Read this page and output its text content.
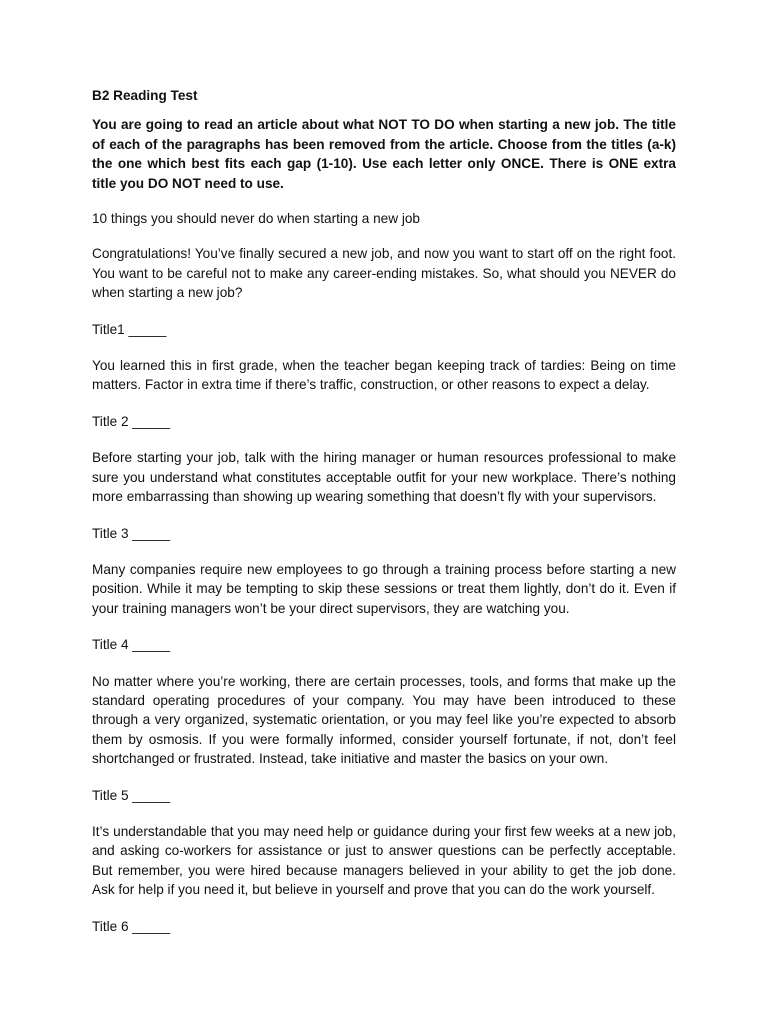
B2 Reading Test

You are going to read an article about what NOT TO DO when starting a new job. The title of each of the paragraphs has been removed from the article. Choose from the titles (a-k) the one which best fits each gap (1-10). Use each letter only ONCE. There is ONE extra title you DO NOT need to use.

10 things you should never do when starting a new job

Congratulations! You’ve finally secured a new job, and now you want to start off on the right foot. You want to be careful not to make any career-ending mistakes. So, what should you NEVER do when starting a new job?

Title1 _____

You learned this in first grade, when the teacher began keeping track of tardies: Being on time matters. Factor in extra time if there’s traffic, construction, or other reasons to expect a delay.

Title 2 _____

Before starting your job, talk with the hiring manager or human resources professional to make sure you understand what constitutes acceptable outfit for your new workplace. There’s nothing more embarrassing than showing up wearing something that doesn’t fly with your supervisors.

Title 3 _____

Many companies require new employees to go through a training process before starting a new position. While it may be tempting to skip these sessions or treat them lightly, don’t do it. Even if your training managers won’t be your direct supervisors, they are watching you.

Title 4 _____

No matter where you’re working, there are certain processes, tools, and forms that make up the standard operating procedures of your company. You may have been introduced to these through a very organized, systematic orientation, or you may feel like you’re expected to absorb them by osmosis. If you were formally informed, consider yourself fortunate, if not, don’t feel shortchanged or frustrated. Instead, take initiative and master the basics on your own.

Title 5 _____

It’s understandable that you may need help or guidance during your first few weeks at a new job, and asking co-workers for assistance or just to answer questions can be perfectly acceptable. But remember, you were hired because managers believed in your ability to get the job done. Ask for help if you need it, but believe in yourself and prove that you can do the work yourself.

Title 6 _____
